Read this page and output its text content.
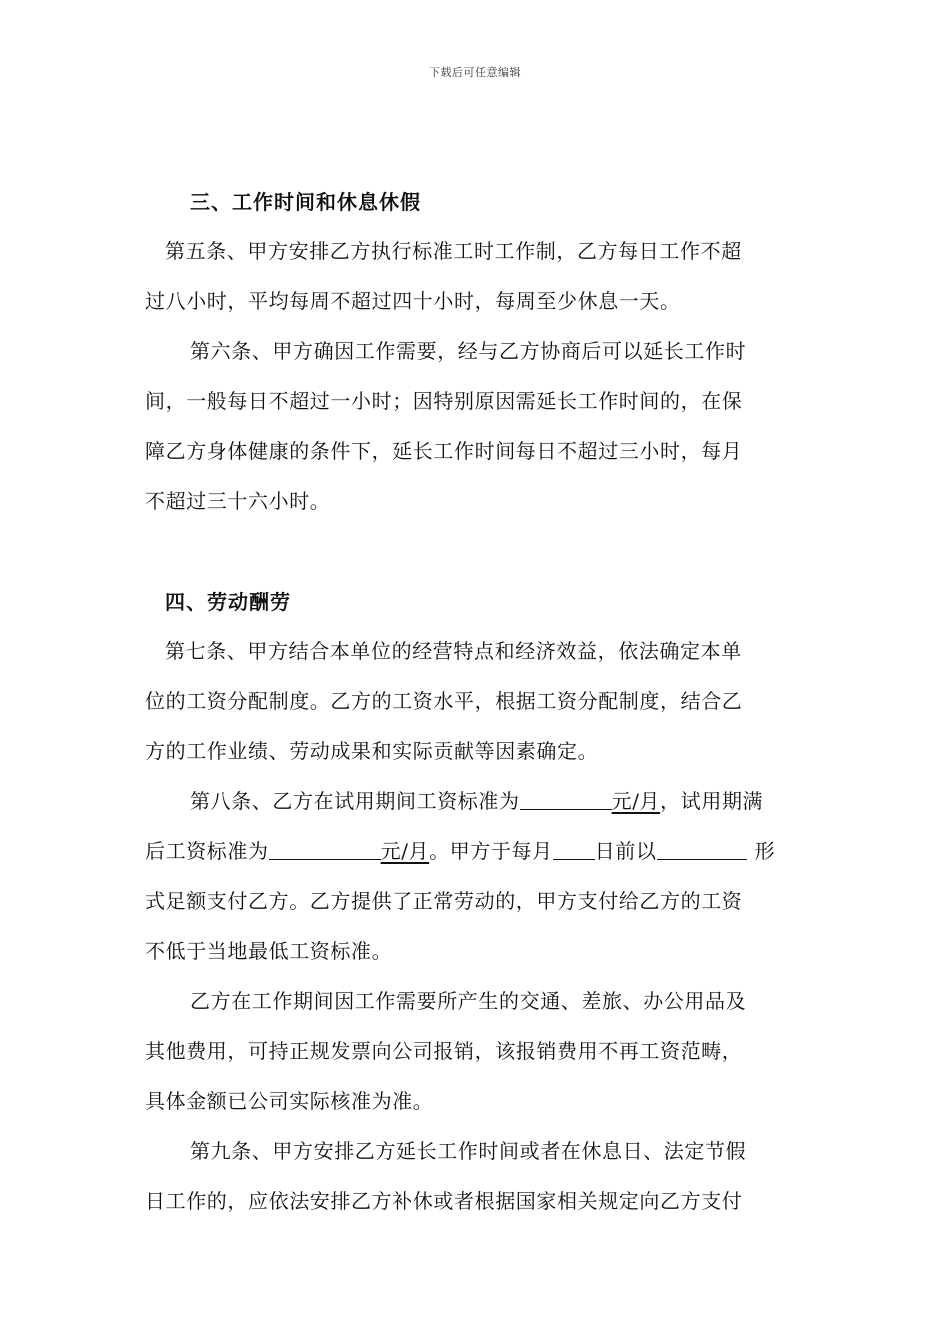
下载后可任意编辑
三、工作时间和休息休假
第五条、甲方安排乙方执行标准工时工作制，乙方每日工作不超
过八小时，平均每周不超过四十小时，每周至少休息一天。
第六条、甲方确因工作需要，经与乙方协商后可以延长工作时
间，一般每日不超过一小时；因特别原因需延长工作时间的，在保
障乙方身体健康的条件下，延长工作时间每日不超过三小时，每月
不超过三十六小时。
四、劳动酬劳
第七条、甲方结合本单位的经营特点和经济效益，依法确定本单
位的工资分配制度。乙方的工资水平，根据工资分配制度，结合乙
方的工作业绩、劳动成果和实际贡献等因素确定。
第八条、乙方在试用期间工资标准为	元/月，试用期满
后工资标准为	元/月。甲方于每月 日前以	形
式足额支付乙方。乙方提供了正常劳动的，甲方支付给乙方的工资
不低于当地最低工资标准。
乙方在工作期间因工作需要所产生的交通、差旅、办公用品及
其他费用，可持正规发票向公司报销，该报销费用不再工资范畴，
具体金额已公司实际核准为准。
第九条、甲方安排乙方延长工作时间或者在休息日、法定节假
日工作的，应依法安排乙方补休或者根据国家相关规定向乙方支付
